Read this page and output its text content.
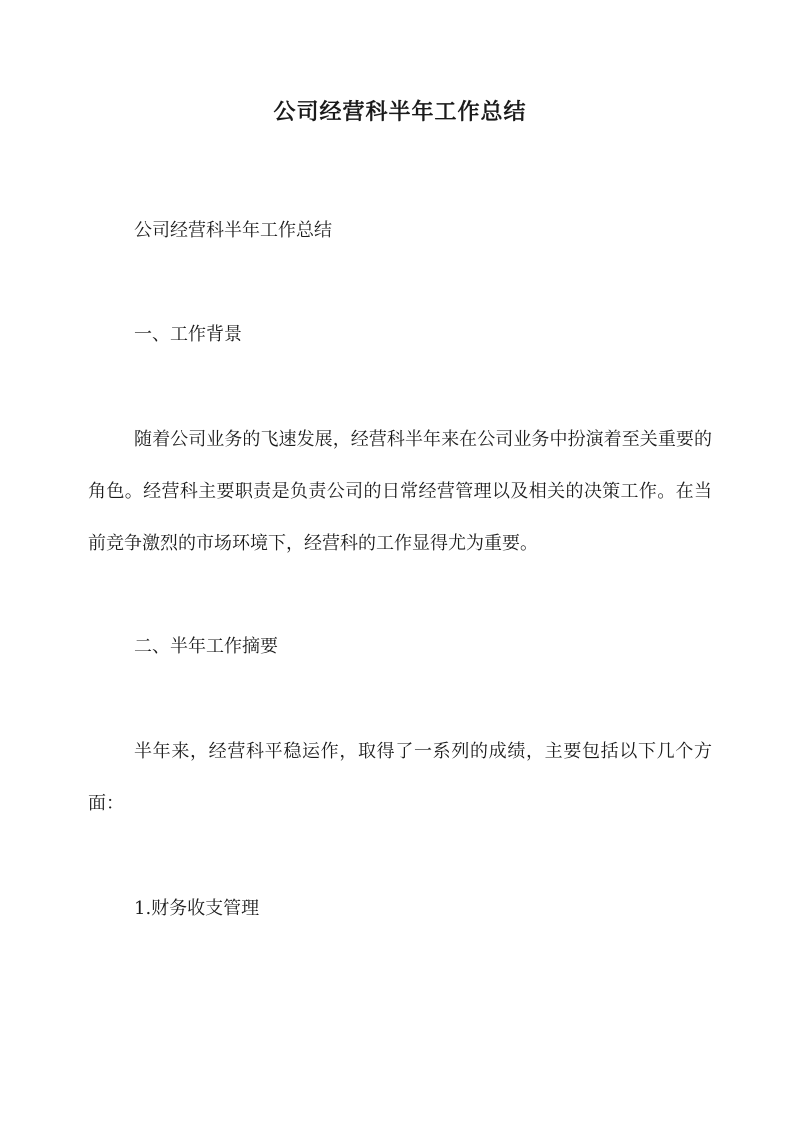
公司经营科半年工作总结

公司经营科半年工作总结

一、工作背景

随着公司业务的飞速发展，经营科半年来在公司业务中扮演着至关重要的角色。经营科主要职责是负责公司的日常经营管理以及相关的决策工作。在当前竞争激烈的市场环境下，经营科的工作显得尤为重要。

二、半年工作摘要

半年来，经营科平稳运作，取得了一系列的成绩，主要包括以下几个方面：

1.财务收支管理
